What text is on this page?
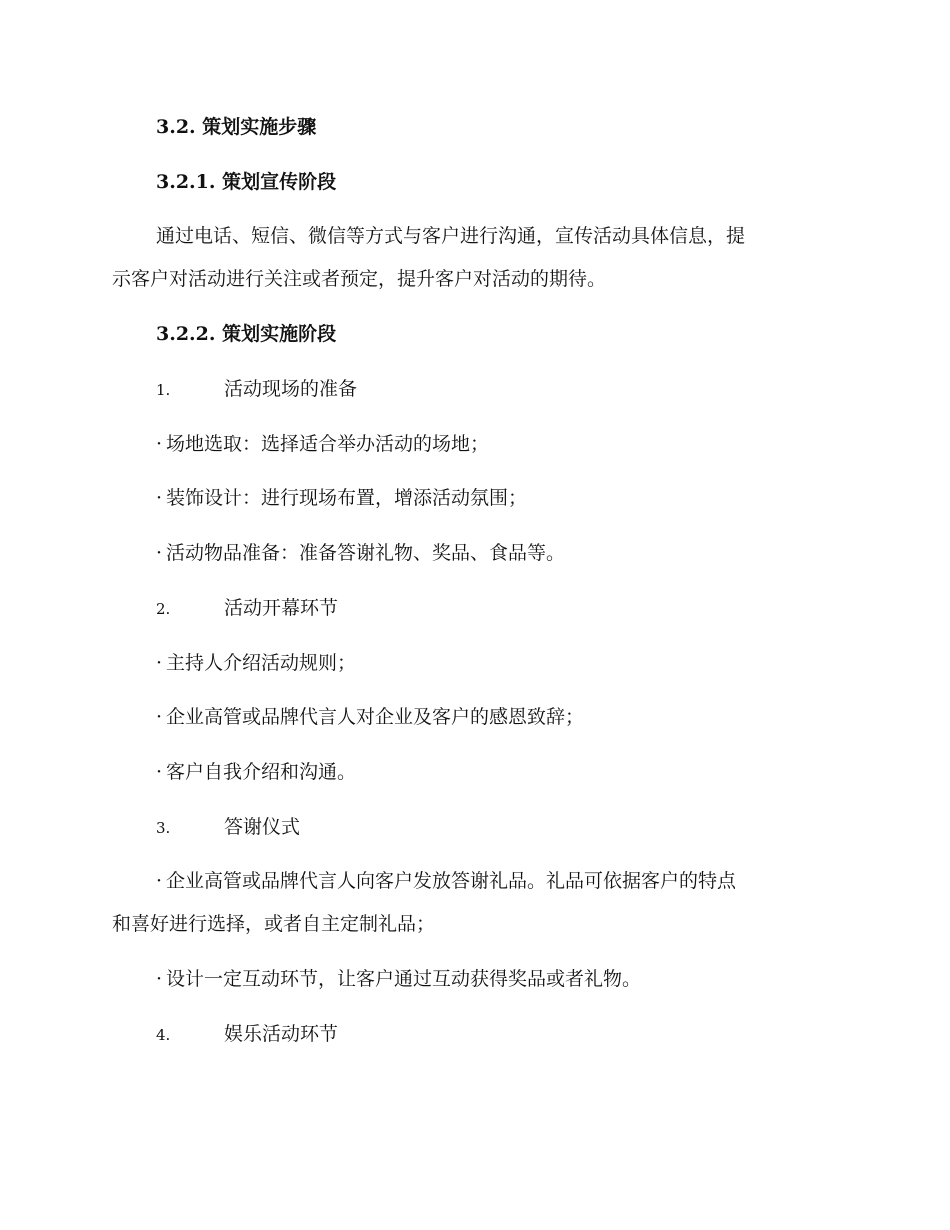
3.2. 策划实施步骤
3.2.1. 策划宣传阶段
通过电话、短信、微信等方式与客户进行沟通，宣传活动具体信息，提
示客户对活动进行关注或者预定，提升客户对活动的期待。
3.2.2. 策划实施阶段
1.	活动现场的准备
· 场地选取：选择适合举办活动的场地；
· 装饰设计：进行现场布置，增添活动氛围；
· 活动物品准备：准备答谢礼物、奖品、食品等。
2.	活动开幕环节
· 主持人介绍活动规则；
· 企业高管或品牌代言人对企业及客户的感恩致辞；
· 客户自我介绍和沟通。
3.	答谢仪式
· 企业高管或品牌代言人向客户发放答谢礼品。礼品可依据客户的特点
和喜好进行选择，或者自主定制礼品；
· 设计一定互动环节，让客户通过互动获得奖品或者礼物。
4.	娱乐活动环节
